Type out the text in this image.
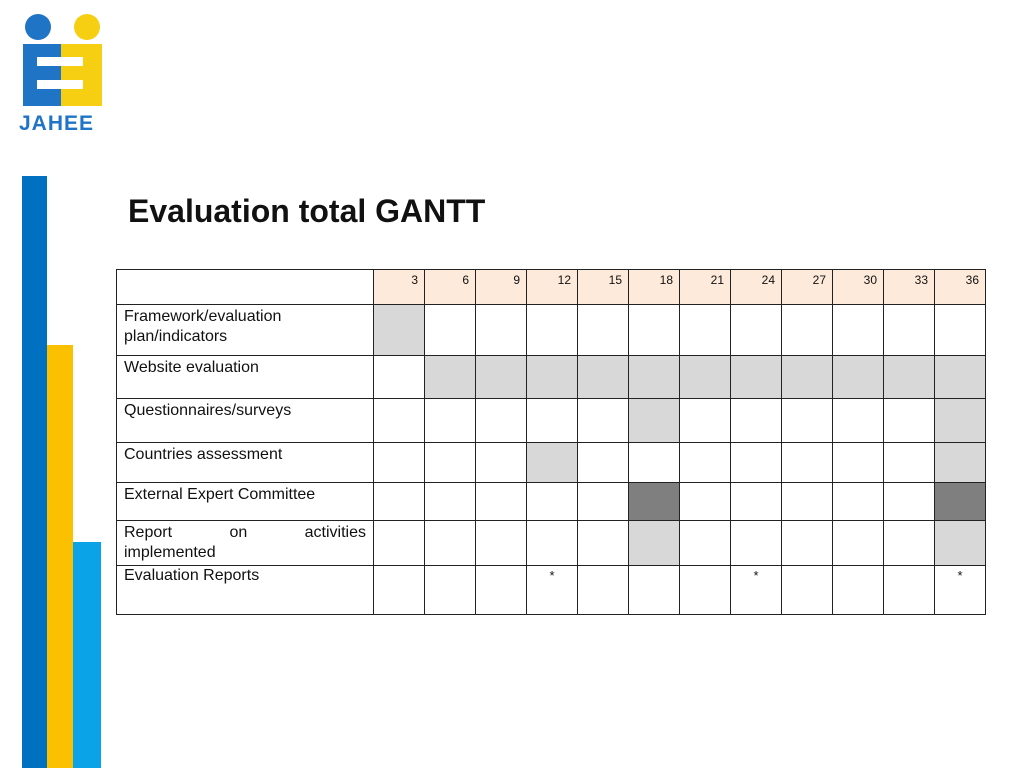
JAHEE
Evaluation total GANTT
	3	6	9	12	15	18	21	24	27	30	33	36
Framework/evaluation plan/indicators												
Website evaluation												
Questionnaires/surveys												
Countries assessment												
External Expert Committee												

Report on activities
implemented												

Evaluation Reports				*				*				*
